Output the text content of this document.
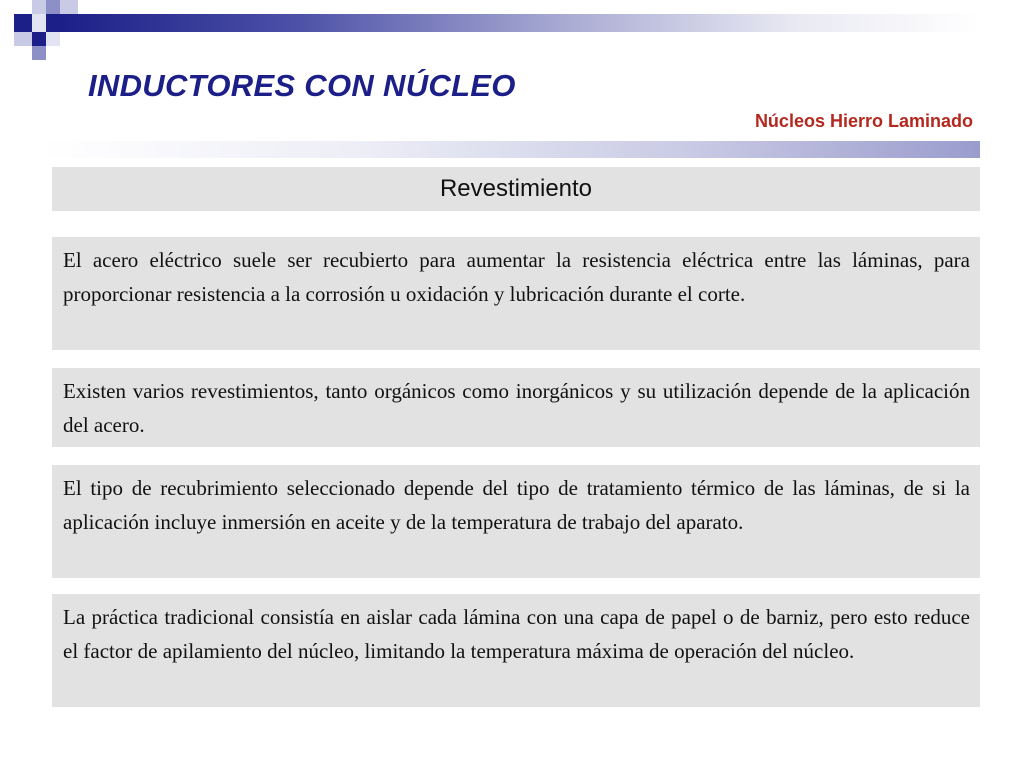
INDUCTORES CON NÚCLEO
Núcleos Hierro Laminado
Revestimiento
El acero eléctrico suele ser recubierto para aumentar la resistencia eléctrica entre las láminas, para proporcionar resistencia a la corrosión u oxidación y lubricación durante el corte.
Existen varios revestimientos, tanto orgánicos como inorgánicos y su utilización depende de la aplicación del acero.
El tipo de recubrimiento seleccionado depende del tipo de tratamiento térmico de las láminas, de si la aplicación incluye inmersión en aceite y de la temperatura de trabajo del aparato.
La práctica tradicional consistía en aislar cada lámina con una capa de papel o de barniz, pero esto reduce el factor de apilamiento del núcleo, limitando la temperatura máxima de operación del núcleo.
